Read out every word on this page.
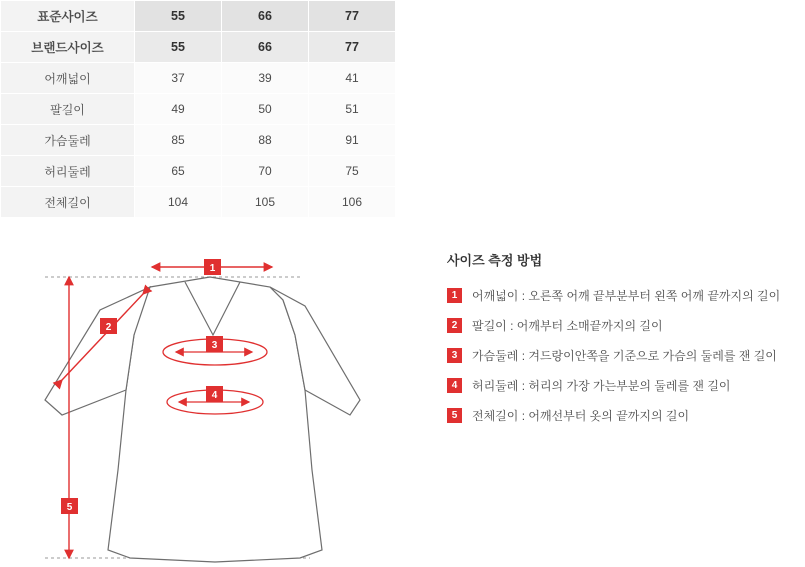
표준사이즈	55	66	77
브랜드사이즈	55	66	77
어깨넓이	37	39	41
팔길이	49	50	51
가슴둘레	85	88	91
허리둘레	65	70	75
전체길이	104	105	106
1
2
3
4
5
사이즈 측정 방법
1	어깨넓이 : 오른쪽 어깨 끝부분부터 왼쪽 어깨 끝까지의 길이
2	팔길이 : 어깨부터 소매끝까지의 길이
3	가슴둘레 : 겨드랑이안쪽을 기준으로 가슴의 둘레를 잰 길이
4	허리둘레 : 허리의 가장 가는부분의 둘레를 잰 길이
5	전체길이 : 어깨선부터 옷의 끝까지의 길이
